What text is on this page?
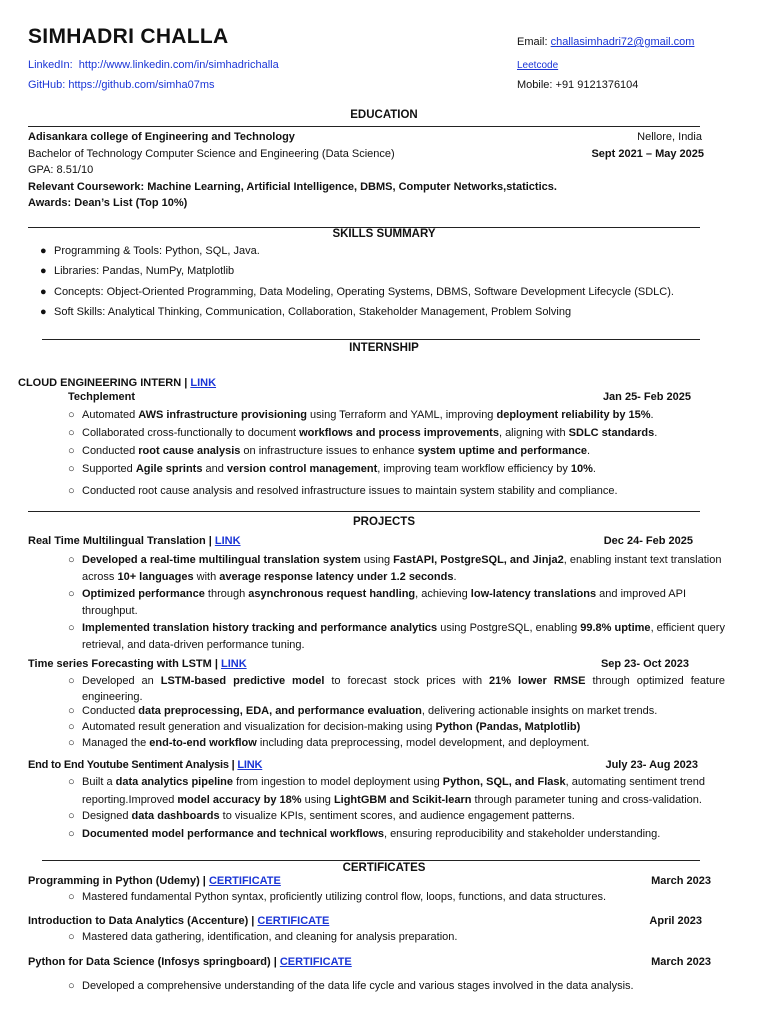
SIMHADRI CHALLA	Email: challasimhadri72@gmail.com
LinkedIn: http://www.linkedin.com/in/simhadrichalla	Leetcode
GitHub: https://github.com/simha07ms	Mobile: +91 9121376104
EDUCATION
Adisankara college of Engineering and Technology	Nellore, India
Bachelor of Technology Computer Science and Engineering (Data Science)	Sept 2021 – May 2025
GPA: 8.51/10
Relevant Coursework: Machine Learning, Artificial Intelligence, DBMS, Computer Networks,statictics.
Awards: Dean’s List (Top 10%)
SKILLS SUMMARY
● Programming & Tools: Python, SQL, Java.
● Libraries: Pandas, NumPy, Matplotlib
● Concepts: Object-Oriented Programming, Data Modeling, Operating Systems, DBMS, Software Development Lifecycle (SDLC).
● Soft Skills: Analytical Thinking, Communication, Collaboration, Stakeholder Management, Problem Solving
INTERNSHIP
CLOUD ENGINEERING INTERN | LINK
Techplement	Jan 25- Feb 2025
○ Automated AWS infrastructure provisioning using Terraform and YAML, improving deployment reliability by 15%.
○ Collaborated cross-functionally to document workflows and process improvements, aligning with SDLC standards.
○ Conducted root cause analysis on infrastructure issues to enhance system uptime and performance.
○ Supported Agile sprints and version control management, improving team workflow efficiency by 10%.
○ Conducted root cause analysis and resolved infrastructure issues to maintain system stability and compliance.
PROJECTS
Real Time Multilingual Translation | LINK	Dec 24- Feb 2025
○ Developed a real-time multilingual translation system using FastAPI, PostgreSQL, and Jinja2, enabling instant text translation across 10+ languages with average response latency under 1.2 seconds.
○ Optimized performance through asynchronous request handling, achieving low-latency translations and improved API throughput.
○ Implemented translation history tracking and performance analytics using PostgreSQL, enabling 99.8% uptime, efficient query retrieval, and data-driven performance tuning.
Time series Forecasting with LSTM | LINK	Sep 23- Oct 2023
○ Developed an LSTM-based predictive model to forecast stock prices with 21% lower RMSE through optimized feature engineering.
○ Conducted data preprocessing, EDA, and performance evaluation, delivering actionable insights on market trends.
○ Automated result generation and visualization for decision-making using Python (Pandas, Matplotlib)
○ Managed the end-to-end workflow including data preprocessing, model development, and deployment.
End to End Youtube Sentiment Analysis | LINK	July 23- Aug 2023
○ Built a data analytics pipeline from ingestion to model deployment using Python, SQL, and Flask, automating sentiment trend reporting.Improved model accuracy by 18% using LightGBM and Scikit-learn through parameter tuning and cross-validation.
○ Designed data dashboards to visualize KPIs, sentiment scores, and audience engagement patterns.
○ Documented model performance and technical workflows, ensuring reproducibility and stakeholder understanding.
CERTIFICATES
Programming in Python (Udemy) | CERTIFICATE	March 2023
○ Mastered fundamental Python syntax, proficiently utilizing control flow, loops, functions, and data structures.
Introduction to Data Analytics (Accenture) | CERTIFICATE	April 2023
○ Mastered data gathering, identification, and cleaning for analysis preparation.
Python for Data Science (Infosys springboard) | CERTIFICATE	March 2023
○ Developed a comprehensive understanding of the data life cycle and various stages involved in the data analysis.
